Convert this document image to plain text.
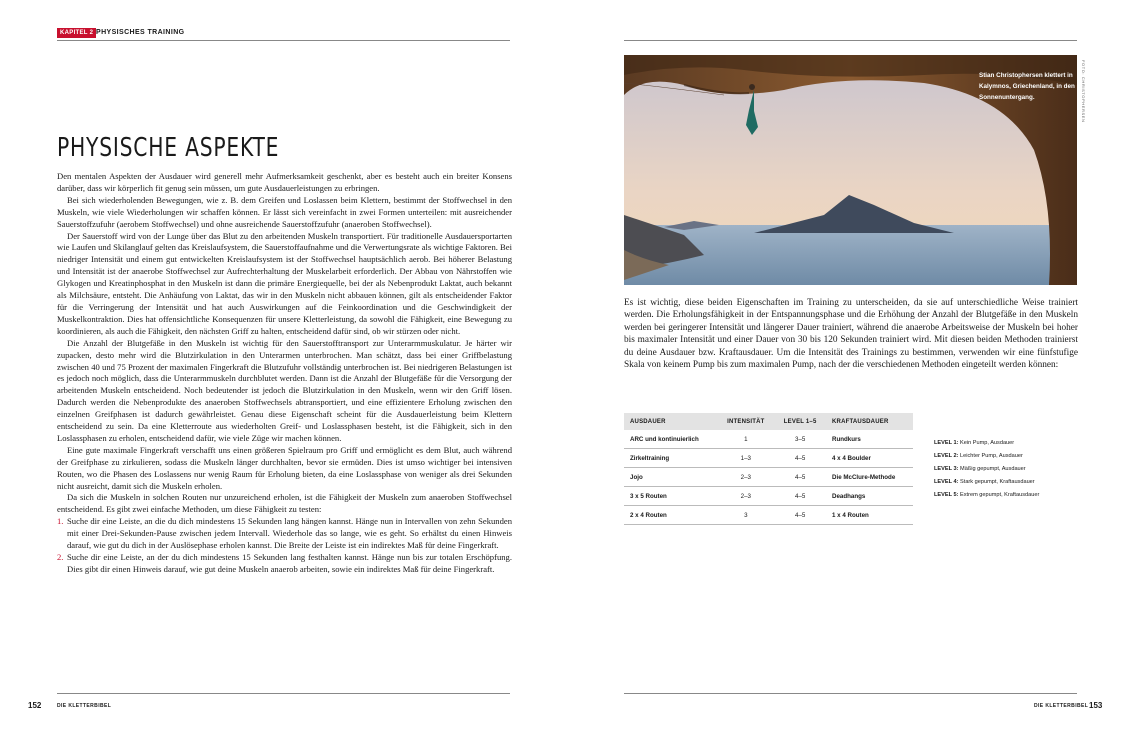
KAPITEL 2 PHYSISCHES TRAINING
PHYSISCHE ASPEKTE

Den mentalen Aspekten der Ausdauer wird generell mehr Aufmerksamkeit geschenkt, aber es besteht auch ein breiter Konsens darüber, dass wir körperlich fit genug sein müssen, um gute Ausdauerleistungen zu erbringen.

Bei sich wiederholenden Bewegungen, wie z. B. dem Greifen und Loslassen beim Klettern, bestimmt der Stoffwechsel in den Muskeln, wie viele Wiederholungen wir schaffen können. Er lässt sich vereinfacht in zwei Formen unterteilen: mit ausreichender Sauerstoffzufuhr (aerobem Stoffwechsel) und ohne ausreichende Sauerstoffzufuhr (anaeroben Stoffwechsel).

Der Sauerstoff wird von der Lunge über das Blut zu den arbeitenden Muskeln transportiert. Für traditionelle Ausdauersportarten wie Laufen und Skilanglauf gelten das Kreislaufsystem, die Sauerstoffaufnahme und die Verwertungsrate als wichtige Faktoren. Bei niedriger Intensität und einem gut entwickelten Kreislaufsystem ist der Stoffwechsel hauptsächlich aerob. Bei höherer Belastung und Intensität ist der anaerobe Stoffwechsel zur Aufrechterhaltung der Muskelarbeit erforderlich. Der Abbau von Nährstoffen wie Glykogen und Kreatinphosphat in den Muskeln ist dann die primäre Energiequelle, bei der als Nebenprodukt Laktat, auch bekannt als Milchsäure, entsteht. Die Anhäufung von Laktat, das wir in den Muskeln nicht abbauen können, gilt als entscheidender Faktor für die Verringerung der Intensität und hat auch Auswirkungen auf die Feinkoordination und die Geschwindigkeit der Muskelkontraktion. Dies hat offensichtliche Konsequenzen für unsere Kletterleistung, da sowohl die Fähigkeit, eine Bewegung zu koordinieren, als auch die Fähigkeit, den nächsten Griff zu halten, entscheidend dafür sind, ob wir stürzen oder nicht.

Die Anzahl der Blutgefäße in den Muskeln ist wichtig für den Sauerstofftransport zur Unterarmmuskulatur. Je härter wir zupacken, desto mehr wird die Blutzirkulation in den Unterarmen unterbrochen. Man schätzt, dass bei einer Griffbelastung zwischen 40 und 75 Prozent der maximalen Fingerkraft die Blutzufuhr vollständig unterbrochen ist. Bei niedrigeren Belastungen ist es jedoch noch möglich, dass die Unterarmmuskeln durchblutet werden. Dann ist die Anzahl der Blutgefäße für die Versorgung der arbeitenden Muskeln entscheidend. Noch bedeutender ist jedoch die Blutzirkulation in den Muskeln, wenn wir den Griff lösen. Dadurch werden die Nebenprodukte des anaeroben Stoffwechsels abtransportiert, und eine effizientere Erholung zwischen den einzelnen Greifphasen ist dadurch gewährleistet. Genau diese Eigenschaft scheint für die Ausdauerleistung beim Klettern entscheidend zu sein. Da eine Kletterroute aus wiederholten Greif- und Loslassphasen besteht, ist die Fähigkeit, sich in den Loslassphasen zu erholen, entscheidend dafür, wie viele Züge wir machen können.

Eine gute maximale Fingerkraft verschafft uns einen größeren Spielraum pro Griff und ermöglicht es dem Blut, auch während der Greifphase zu zirkulieren, sodass die Muskeln länger durchhalten, bevor sie ermüden. Dies ist umso wichtiger bei intensiven Routen, wo die Phasen des Loslassens nur wenig Raum für Erholung bieten, da eine Loslassphase von weniger als drei Sekunden nicht ausreicht, damit sich die Muskeln erholen.

Da sich die Muskeln in solchen Routen nur unzureichend erholen, ist die Fähigkeit der Muskeln zum anaeroben Stoffwechsel entscheidend. Es gibt zwei einfache Methoden, um diese Fähigkeit zu testen:

1. Suche dir eine Leiste, an die du dich mindestens 15 Sekunden lang hängen kannst. Hänge nun in Intervallen von zehn Sekunden mit einer Drei-Sekunden-Pause zwischen jedem Intervall. Wiederhole das so lange, wie es geht. So erhältst du einen Hinweis darauf, wie gut du dich in der Auslösephase erholen kannst. Die Breite der Leiste ist ein indirektes Maß für deine Fingerkraft.
2. Suche dir eine Leiste, an der du dich mindestens 15 Sekunden lang festhalten kannst. Hänge nun bis zur totalen Erschöpfung. Dies gibt dir einen Hinweis darauf, wie gut deine Muskeln anaerob arbeiten, sowie ein indirektes Maß für deine Fingerkraft.
152	DIE KLETTERBIBEL
FOTO: CHRISTOPHERSEN

Stian Christophersen klettert in Kalymnos, Griechenland, in den Sonnenuntergang.

Es ist wichtig, diese beiden Eigenschaften im Training zu unterscheiden, da sie auf unterschiedliche Weise trainiert werden. Die Erholungsfähigkeit in der Entspannungsphase und die Erhöhung der Anzahl der Blutgefäße in den Muskeln werden bei geringerer Intensität und längerer Dauer trainiert, während die anaerobe Arbeitsweise der Muskeln bei hoher bis maximaler Intensität und einer Dauer von 30 bis 120 Sekunden trainiert wird. Mit diesen beiden Methoden trainierst du deine Ausdauer bzw. Kraftausdauer. Um die Intensität des Trainings zu bestimmen, verwenden wir eine fünfstufige Skala von keinem Pump bis zum maximalen Pump, nach der die verschiedenen Methoden eingeteilt werden können:

AUSDAUER	INTENSITÄT	LEVEL 1–5	KRAFTAUSDAUER
ARC und kontinuierlich	1	3–5	Rundkurs
Zirkeltraining	1–3	4–5	4 x 4 Boulder
Jojo	2–3	4–5	Die McClure-Methode
3 x 5 Routen	2–3	4–5	Deadhangs
2 x 4 Routen	3	4–5	1 x 4 Routen
LEVEL 1: Kein Pump, Ausdauer
LEVEL 2: Leichter Pump, Ausdauer
LEVEL 3: Mäßig gepumpt, Ausdauer
LEVEL 4: Stark gepumpt, Kraftausdauer
LEVEL 5: Extrem gepumpt, Kraftausdauer
DIE KLETTERBIBEL 153
